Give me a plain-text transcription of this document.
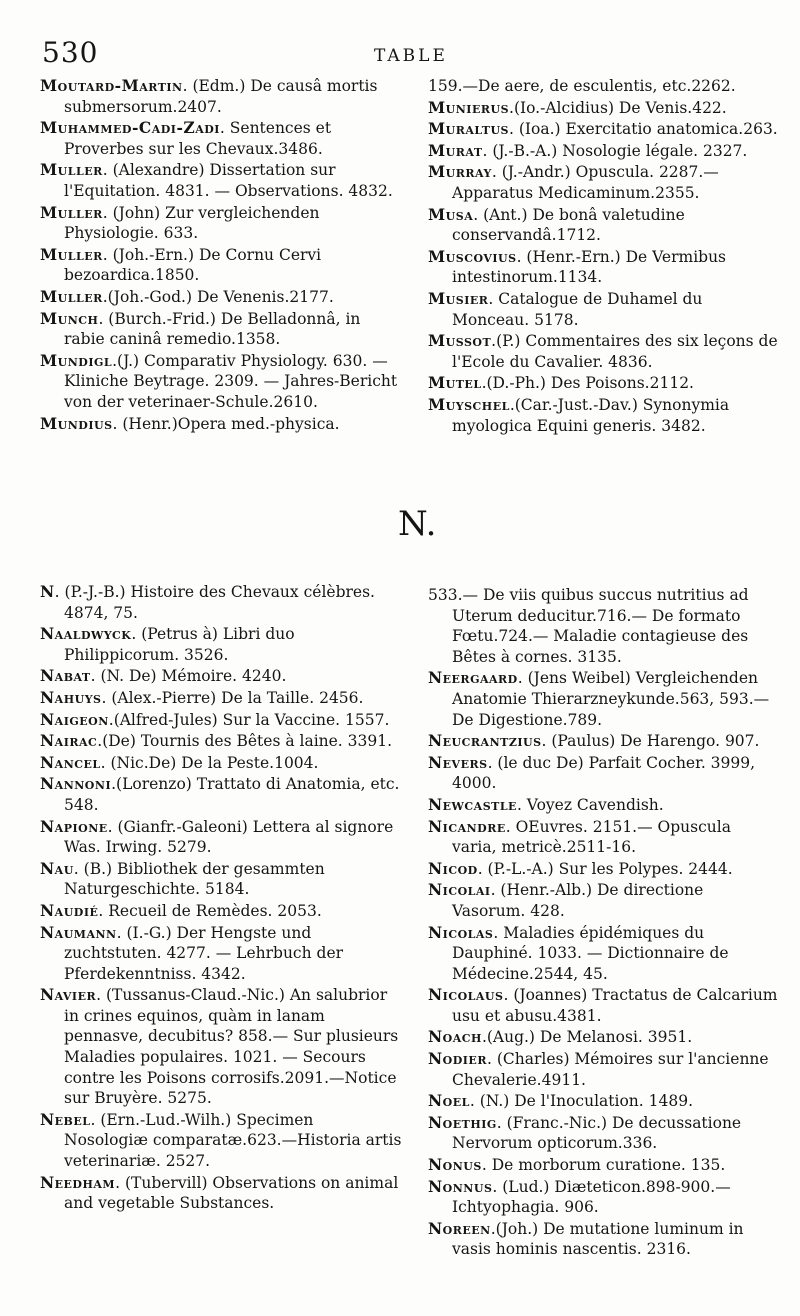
530	TABLE
Moutard-Martin. (Edm.) De causâ mortis submersorum.2407.
Muhammed-Cadi-Zadi. Sentences et Proverbes sur les Chevaux.3486.
Muller. (Alexandre) Dissertation sur l'Equitation. 4831. — Observations. 4832.
Muller. (John) Zur vergleichenden Physiologie. 633.
Muller. (Joh.-Ern.) De Cornu Cervi bezoardica.1850.
Muller.(Joh.-God.) De Venenis.2177.
Munch. (Burch.-Frid.) De Belladonnâ, in rabie caninâ remedio.1358.
Mundigl.(J.) Comparativ Physiology. 630. — Kliniche Beytrage. 2309. — Jahres-Bericht von der veterinaer-Schule.2610.
Mundius. (Henr.)Opera med.-physica.
159.—De aere, de esculentis, etc.2262.
Munierus.(Io.-Alcidius) De Venis.422.
Muraltus. (Ioa.) Exercitatio anatomica.263.
Murat. (J.-B.-A.) Nosologie légale. 2327.
Murray. (J.-Andr.) Opuscula. 2287.— Apparatus Medicaminum.2355.
Musa. (Ant.) De bonâ valetudine conservandâ.1712.
Muscovius. (Henr.-Ern.) De Vermibus intestinorum.1134.
Musier. Catalogue de Duhamel du Monceau. 5178.
Mussot.(P.) Commentaires des six leçons de l'Ecole du Cavalier. 4836.
Mutel.(D.-Ph.) Des Poisons.2112.
Muyschel.(Car.-Just.-Dav.) Synonymia myologica Equini generis. 3482.
N.
N. (P.-J.-B.) Histoire des Chevaux célèbres. 4874, 75.
Naaldwyck. (Petrus à) Libri duo Philippicorum. 3526.
Nabat. (N. De) Mémoire. 4240.
Nahuys. (Alex.-Pierre) De la Taille. 2456.
Naigeon.(Alfred-Jules) Sur la Vaccine. 1557.
Nairac.(De) Tournis des Bêtes à laine. 3391.
Nancel. (Nic.De) De la Peste.1004.
Nannoni.(Lorenzo) Trattato di Anatomia, etc. 548.
Napione. (Gianfr.-Galeoni) Lettera al signore Was. Irwing. 5279.
Nau. (B.) Bibliothek der gesammten Naturgeschichte. 5184.
Naudié. Recueil de Remèdes. 2053.
Naumann. (I.-G.) Der Hengste und zuchtstuten. 4277. — Lehrbuch der Pferdekenntniss. 4342.
Navier. (Tussanus-Claud.-Nic.) An salubrior in crines equinos, quàm in lanam pennasve, decubitus? 858.— Sur plusieurs Maladies populaires. 1021. — Secours contre les Poisons corrosifs.2091.—Notice sur Bruyère. 5275.
Nebel. (Ern.-Lud.-Wilh.) Specimen Nosologiæ comparatæ.623.—Historia artis veterinariæ. 2527.
Needham. (Tubervill) Observations on animal and vegetable Substances.
533.— De viis quibus succus nutritius ad Uterum deducitur.716.— De formato Fœtu.724.— Maladie contagieuse des Bêtes à cornes. 3135.
Neergaard. (Jens Weibel) Vergleichenden Anatomie Thierarzneykunde.563, 593.—De Digestione.789.
Neucrantzius. (Paulus) De Harengo. 907.
Nevers. (le duc De) Parfait Cocher. 3999, 4000.
Newcastle. Voyez Cavendish.
Nicandre. OEuvres. 2151.— Opuscula varia, metricè.2511-16.
Nicod. (P.-L.-A.) Sur les Polypes. 2444.
Nicolai. (Henr.-Alb.) De directione Vasorum. 428.
Nicolas. Maladies épidémiques du Dauphiné. 1033. — Dictionnaire de Médecine.2544, 45.
Nicolaus. (Joannes) Tractatus de Calcarium usu et abusu.4381.
Noach.(Aug.) De Melanosi. 3951.
Nodier. (Charles) Mémoires sur l'ancienne Chevalerie.4911.
Noel. (N.) De l'Inoculation. 1489.
Noethig. (Franc.-Nic.) De decussatione Nervorum opticorum.336.
Nonus. De morborum curatione. 135.
Nonnus. (Lud.) Diæteticon.898-900.— Ichtyophagia. 906.
Noreen.(Joh.) De mutatione luminum in vasis hominis nascentis. 2316.
